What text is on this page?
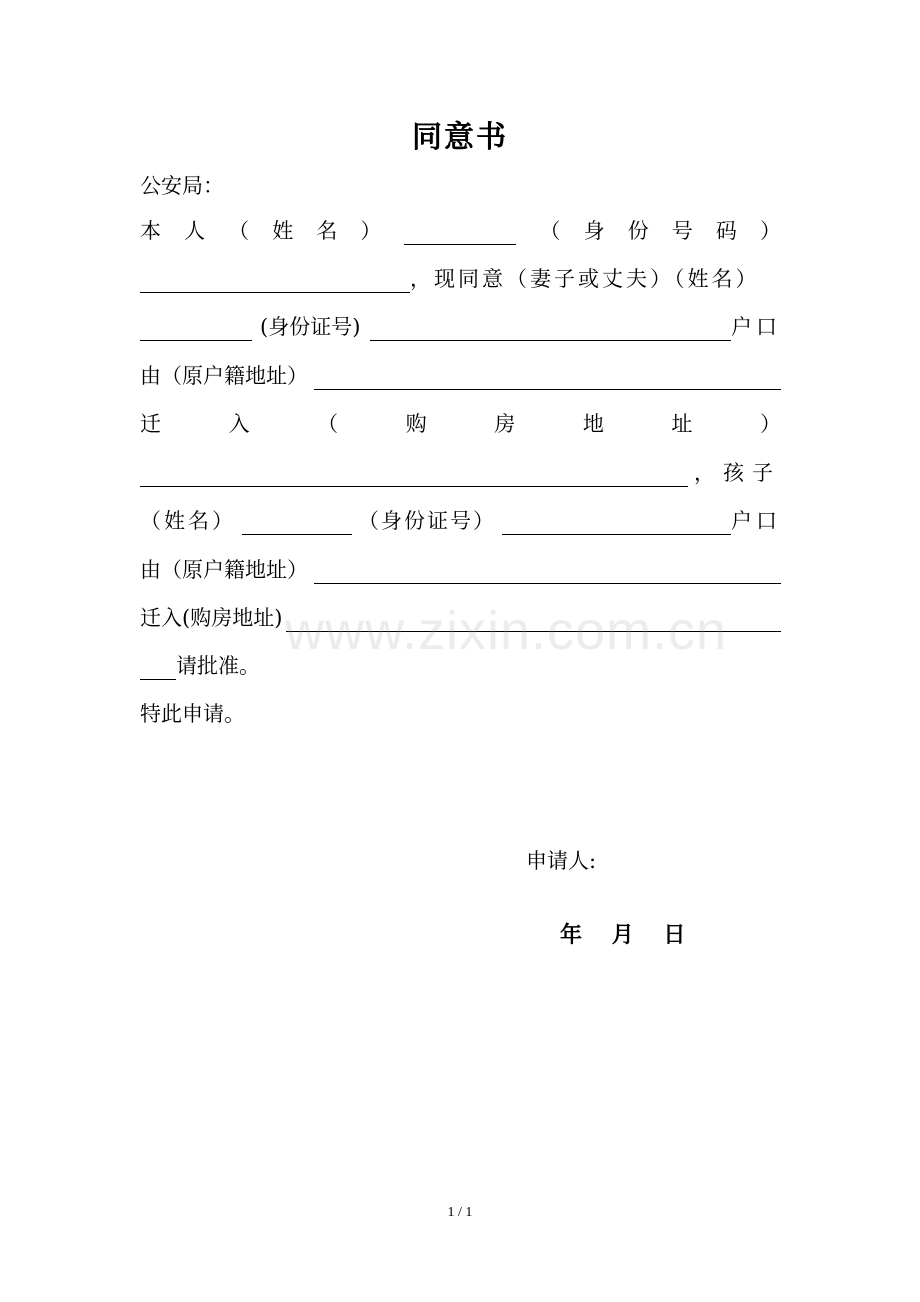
同意书
公安局：
本 人 （ 姓 名 ）	（ 身 份 号 码 ）
，现同意（妻子或丈夫）（姓名）
(身份证号)	户口
由（原户籍地址）
迁	入	（	购	房	地	址	）
，孩子
（姓名）	（身份证号）	户口
由（原户籍地址）
迁入(购房地址)
请批准。
特此申请。
申请人:
年 月 日
www.zixin.com.cn
1 / 1
